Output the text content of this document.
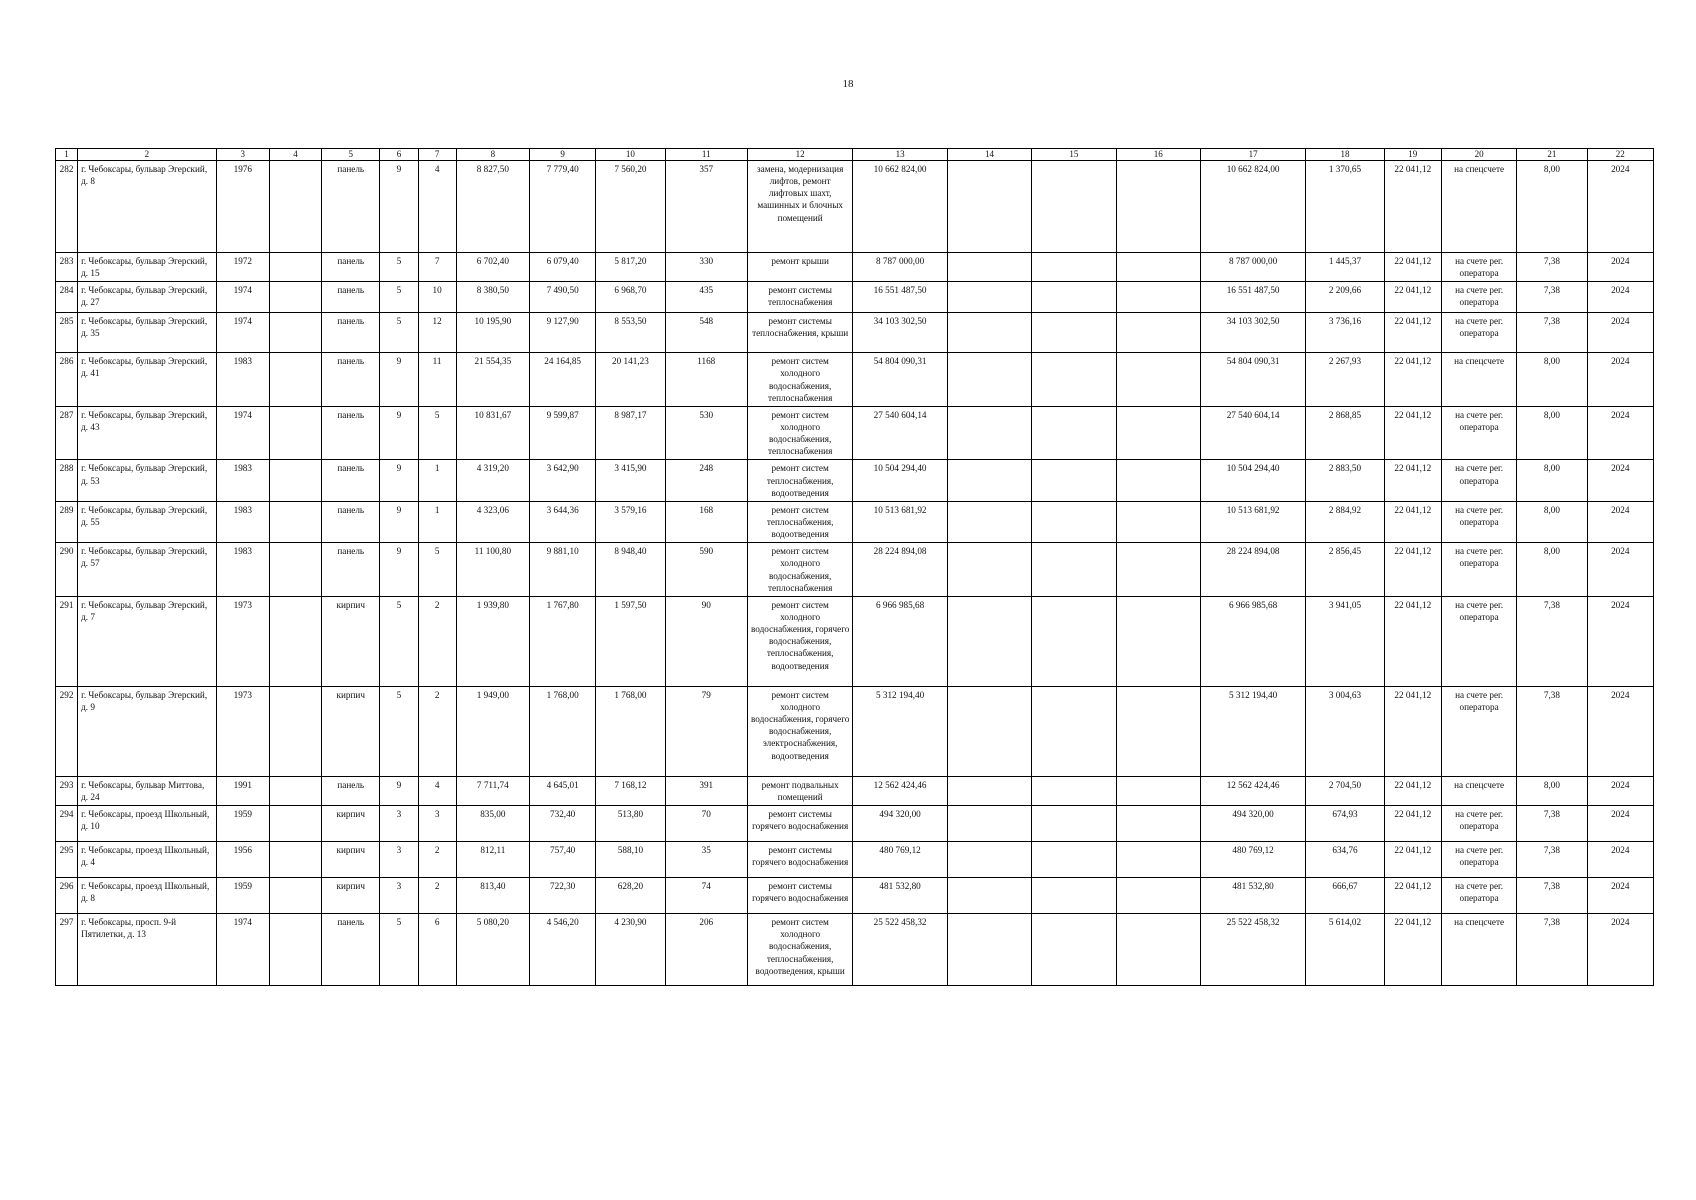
18
1	2	3	4	5	6	7	8	9	10	11	12	13	14	15	16	17	18	19	20	21	22
282	г. Чебоксары, бульвар Эгерский, д. 8	1976		панель	9	4	8 827,50	7 779,40	7 560,20	357	замена, модернизация лифтов, ремонт лифтовых шахт, машинных и блочных помещений	10 662 824,00				10 662 824,00	1 370,65	22 041,12	на спецсчете	8,00	2024
283	г. Чебоксары, бульвар Эгерский, д. 15	1972		панель	5	7	6 702,40	6 079,40	5 817,20	330	ремонт крыши	8 787 000,00				8 787 000,00	1 445,37	22 041,12	на счете рег. оператора	7,38	2024
284	г. Чебоксары, бульвар Эгерский, д. 27	1974		панель	5	10	8 380,50	7 490,50	6 968,70	435	ремонт системы теплоснабжения	16 551 487,50				16 551 487,50	2 209,66	22 041,12	на счете рег. оператора	7,38	2024
285	г. Чебоксары, бульвар Эгерский, д. 35	1974		панель	5	12	10 195,90	9 127,90	8 553,50	548	ремонт системы теплоснабжения, крыши	34 103 302,50				34 103 302,50	3 736,16	22 041,12	на счете рег. оператора	7,38	2024
286	г. Чебоксары, бульвар Эгерский, д. 41	1983		панель	9	11	21 554,35	24 164,85	20 141,23	1168	ремонт систем холодного водоснабжения, теплоснабжения	54 804 090,31				54 804 090,31	2 267,93	22 041,12	на спецсчете	8,00	2024
287	г. Чебоксары, бульвар Эгерский, д. 43	1974		панель	9	5	10 831,67	9 599,87	8 987,17	530	ремонт систем холодного водоснабжения, теплоснабжения	27 540 604,14				27 540 604,14	2 868,85	22 041,12	на счете рег. оператора	8,00	2024
288	г. Чебоксары, бульвар Эгерский, д. 53	1983		панель	9	1	4 319,20	3 642,90	3 415,90	248	ремонт систем теплоснабжения, водоотведения	10 504 294,40				10 504 294,40	2 883,50	22 041,12	на счете рег. оператора	8,00	2024
289	г. Чебоксары, бульвар Эгерский, д. 55	1983		панель	9	1	4 323,06	3 644,36	3 579,16	168	ремонт систем теплоснабжения, водоотведения	10 513 681,92				10 513 681,92	2 884,92	22 041,12	на счете рег. оператора	8,00	2024
290	г. Чебоксары, бульвар Эгерский, д. 57	1983		панель	9	5	11 100,80	9 881,10	8 948,40	590	ремонт систем холодного водоснабжения, теплоснабжения	28 224 894,08				28 224 894,08	2 856,45	22 041,12	на счете рег. оператора	8,00	2024
291	г. Чебоксары, бульвар Эгерский, д. 7	1973		кирпич	5	2	1 939,80	1 767,80	1 597,50	90	ремонт систем холодного водоснабжения, горячего водоснабжения, теплоснабжения, водоотведения	6 966 985,68				6 966 985,68	3 941,05	22 041,12	на счете рег. оператора	7,38	2024
292	г. Чебоксары, бульвар Эгерский, д. 9	1973		кирпич	5	2	1 949,00	1 768,00	1 768,00	79	ремонт систем холодного водоснабжения, горячего водоснабжения, электроснабжения, водоотведения	5 312 194,40				5 312 194,40	3 004,63	22 041,12	на счете рег. оператора	7,38	2024
293	г. Чебоксары, бульвар Миттова, д. 24	1991		панель	9	4	7 711,74	4 645,01	7 168,12	391	ремонт подвальных помещений	12 562 424,46				12 562 424,46	2 704,50	22 041,12	на спецсчете	8,00	2024
294	г. Чебоксары, проезд Школьный, д. 10	1959		кирпич	3	3	835,00	732,40	513,80	70	ремонт системы горячего водоснабжения	494 320,00				494 320,00	674,93	22 041,12	на счете рег. оператора	7,38	2024
295	г. Чебоксары, проезд Школьный, д. 4	1956		кирпич	3	2	812,11	757,40	588,10	35	ремонт системы горячего водоснабжения	480 769,12				480 769,12	634,76	22 041,12	на счете рег. оператора	7,38	2024
296	г. Чебоксары, проезд Школьный, д. 8	1959		кирпич	3	2	813,40	722,30	628,20	74	ремонт системы горячего водоснабжения	481 532,80				481 532,80	666,67	22 041,12	на счете рег. оператора	7,38	2024
297	г. Чебоксары, просп. 9-й Пятилетки, д. 13	1974		панель	5	6	5 080,20	4 546,20	4 230,90	206	ремонт систем холодного водоснабжения, теплоснабжения, водоотведения, крыши	25 522 458,32				25 522 458,32	5 614,02	22 041,12	на спецсчете	7,38	2024
